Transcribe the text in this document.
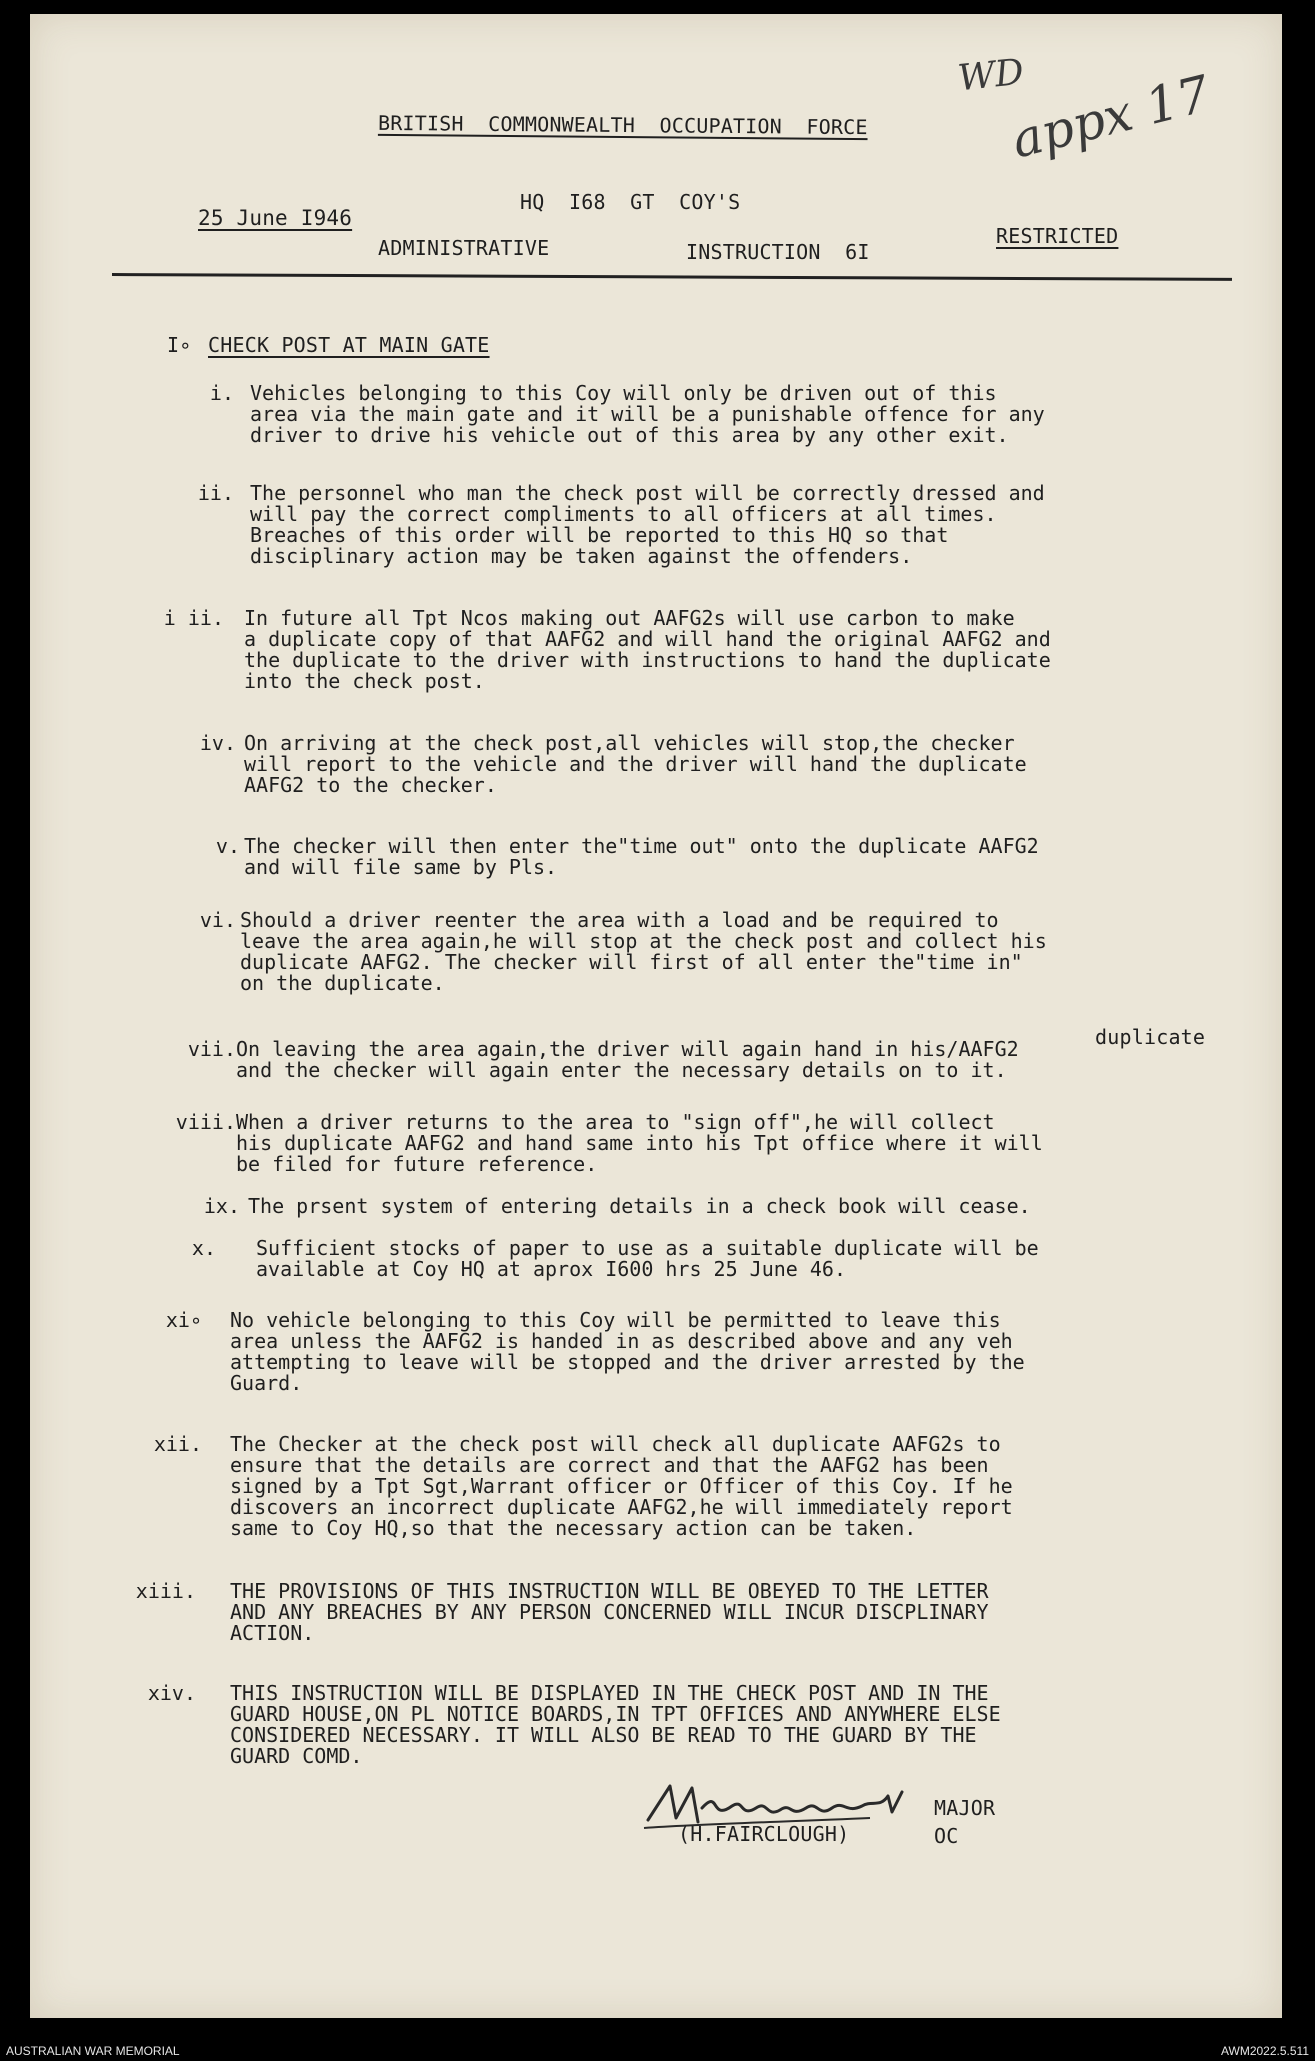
BRITISH  COMMONWEALTH  OCCUPATION  FORCE
HQ  I68  GT  COY'S
25 June I946
ADMINISTRATIVE	INSTRUCTION  6I
RESTRICTED
WD
appx 17
I∘ CHECK POST AT MAIN GATE
i. Vehicles belonging to this Coy will only be driven out of this
area via the main gate and it will be a punishable offence for any
driver to drive his vehicle out of this area by any other exit.
ii. The personnel who man the check post will be correctly dressed and
will pay the correct compliments to all officers at all times.
Breaches of this order will be reported to this HQ so that
disciplinary action may be taken against the offenders.
i ii. In future all Tpt Ncos making out AAFG2s will use carbon to make
a duplicate copy of that AAFG2 and will hand the original AAFG2 and
the duplicate to the driver with instructions to hand the duplicate
into the check post.
iv. On arriving at the check post,all vehicles will stop,the checker
will report to the vehicle and the driver will hand the duplicate
AAFG2 to the checker.
v. The checker will then enter the"time out" onto the duplicate AAFG2
and will file same by Pls.
vi. Should a driver reenter the area with a load and be required to
leave the area again,he will stop at the check post and collect his
duplicate AAFG2. The checker will first of all enter the"time in"
on the duplicate.
duplicate
vii. On leaving the area again,the driver will again hand in his/AAFG2
and the checker will again enter the necessary details on to it.
viii. When a driver returns to the area to "sign off",he will collect
his duplicate AAFG2 and hand same into his Tpt office where it will
be filed for future reference.
ix. The prsent system of entering details in a check book will cease.
x. Sufficient stocks of paper to use as a suitable duplicate will be
available at Coy HQ at aprox I600 hrs 25 June 46.
xi∘ No vehicle belonging to this Coy will be permitted to leave this
area unless the AAFG2 is handed in as described above and any veh
attempting to leave will be stopped and the driver arrested by the
Guard.
xii. The Checker at the check post will check all duplicate AAFG2s to
ensure that the details are correct and that the AAFG2 has been
signed by a Tpt Sgt,Warrant officer or Officer of this Coy. If he
discovers an incorrect duplicate AAFG2,he will immediately report
same to Coy HQ,so that the necessary action can be taken.
xiii. THE PROVISIONS OF THIS INSTRUCTION WILL BE OBEYED TO THE LETTER
AND ANY BREACHES BY ANY PERSON CONCERNED WILL INCUR DISCPLINARY
ACTION.
xiv. THIS INSTRUCTION WILL BE DISPLAYED IN THE CHECK POST AND IN THE
GUARD HOUSE,ON PL NOTICE BOARDS,IN TPT OFFICES AND ANYWHERE ELSE
CONSIDERED NECESSARY. IT WILL ALSO BE READ TO THE GUARD BY THE
GUARD COMD.
MAJOR
(H.FAIRCLOUGH)	OC
AUSTRALIAN WAR MEMORIAL	AWM2022.5.511
